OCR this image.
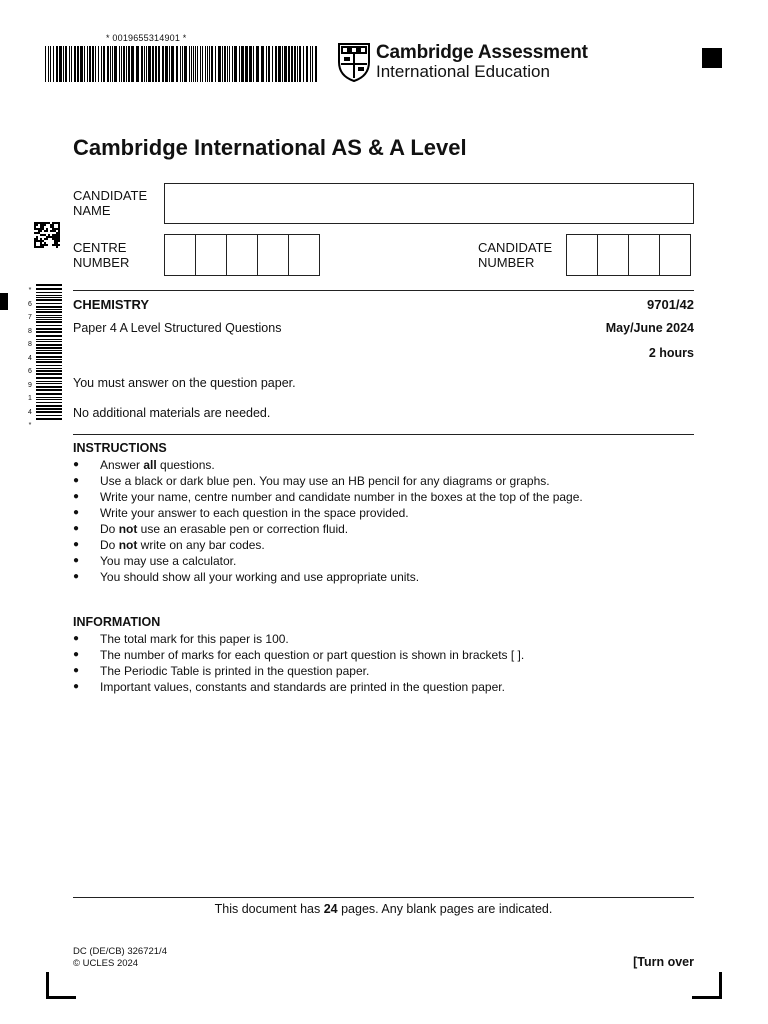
* 0019655314901 *
Cambridge Assessment
International Education
Cambridge International AS & A Level
* 6 7 8 8 4 6 9 1 4 *
CANDIDATE
NAME
CENTRE
NUMBER
CANDIDATE
NUMBER
CHEMISTRY	9701/42
Paper 4 A Level Structured Questions	May/June 2024
2 hours
You must answer on the question paper.
No additional materials are needed.
INSTRUCTIONS
● Answer all questions.
● Use a black or dark blue pen. You may use an HB pencil for any diagrams or graphs.
● Write your name, centre number and candidate number in the boxes at the top of the page.
● Write your answer to each question in the space provided.
● Do not use an erasable pen or correction fluid.
● Do not write on any bar codes.
● You may use a calculator.
● You should show all your working and use appropriate units.
INFORMATION
● The total mark for this paper is 100.
● The number of marks for each question or part question is shown in brackets [ ].
● The Periodic Table is printed in the question paper.
● Important values, constants and standards are printed in the question paper.
This document has 24 pages. Any blank pages are indicated.
DC (DE/CB) 326721/4
© UCLES 2024	[Turn over
